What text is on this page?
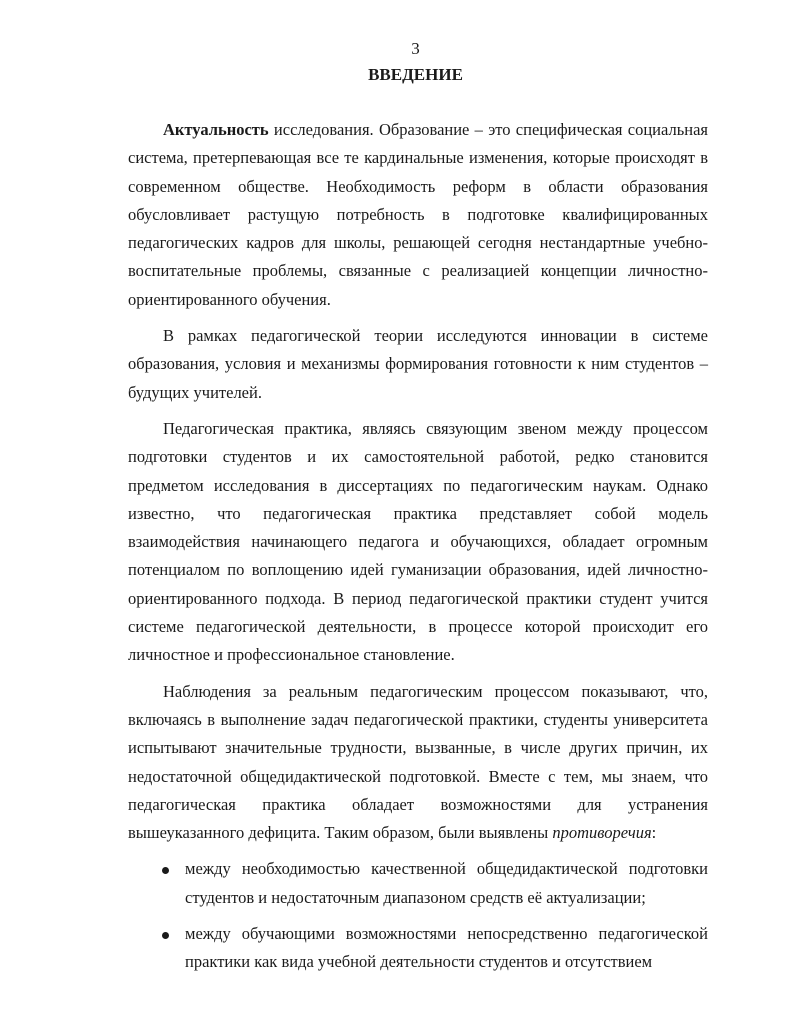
3
ВВЕДЕНИЕ

Актуальность исследования. Образование – это специфическая социальная система, претерпевающая все те кардинальные изменения, которые происходят в современном обществе. Необходимость реформ в области образования обусловливает растущую потребность в подготовке квалифицированных педагогических кадров для школы, решающей сегодня нестандартные учебно-воспитательные проблемы, связанные с реализацией концепции личностно-ориентированного обучения.

В рамках педагогической теории исследуются инновации в системе образования, условия и механизмы формирования готовности к ним студентов – будущих учителей.

Педагогическая практика, являясь связующим звеном между процессом подготовки студентов и их самостоятельной работой, редко становится предметом исследования в диссертациях по педагогическим наукам. Однако известно, что педагогическая практика представляет собой модель взаимодействия начинающего педагога и обучающихся, обладает огромным потенциалом по воплощению идей гуманизации образования, идей личностно-ориентированного подхода. В период педагогической практики студент учится системе педагогической деятельности, в процессе которой происходит его личностное и профессиональное становление.

Наблюдения за реальным педагогическим процессом показывают, что, включаясь в выполнение задач педагогической практики, студенты университета испытывают значительные трудности, вызванные, в числе других причин, их недостаточной общедидактической подготовкой. Вместе с тем, мы знаем, что педагогическая практика обладает возможностями для устранения вышеуказанного дефицита. Таким образом, были выявлены противоречия:

между необходимостью качественной общедидактической подготовки студентов и недостаточным диапазоном средств её актуализации;
между обучающими возможностями непосредственно педагогической практики как вида учебной деятельности студентов и отсутствием
